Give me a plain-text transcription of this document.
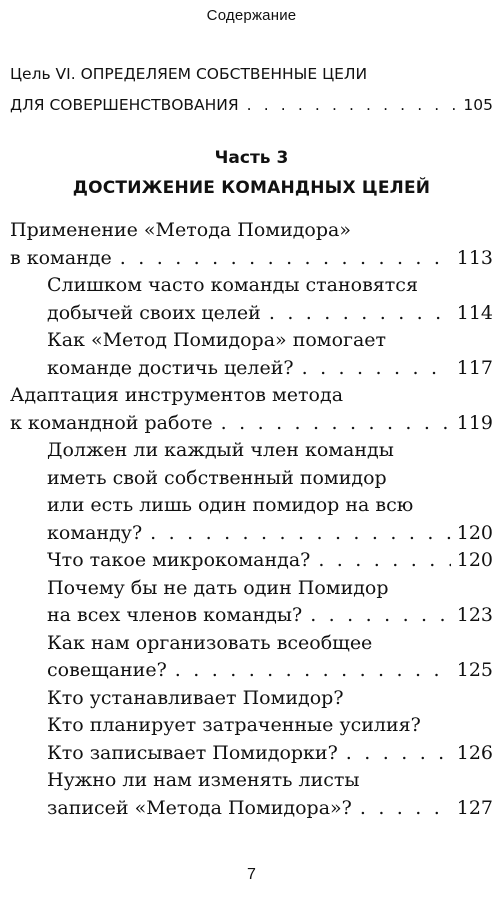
Содержание
Цель VI. ОПРЕДЕЛЯЕМ СОБСТВЕННЫЕ ЦЕЛИ
ДЛЯ СОВЕРШЕНСТВОВАНИЯ . . .	105
Часть 3
ДОСТИЖЕНИЕ КОМАНДНЫХ ЦЕЛЕЙ
Применение «Метода Помидора»
в команде . . .	113
Слишком часто команды становятся
добычей своих целей . . .	114
Как «Метод Помидора» помогает
команде достичь целей? . . .	117
Адаптация инструментов метода
к командной работе . . .	119
Должен ли каждый член команды
иметь свой собственный помидор
или есть лишь один помидор на всю
команду? . . .	120
Что такое микрокоманда? . . .	120
Почему бы не дать один Помидор
на всех членов команды? . . .	123
Как нам организовать всеобщее
совещание? . . .	125
Кто устанавливает Помидор?
Кто планирует затраченные усилия?
Кто записывает Помидорки? . . .	126
Нужно ли нам изменять листы
записей «Метода Помидора»? . . .	127
7
